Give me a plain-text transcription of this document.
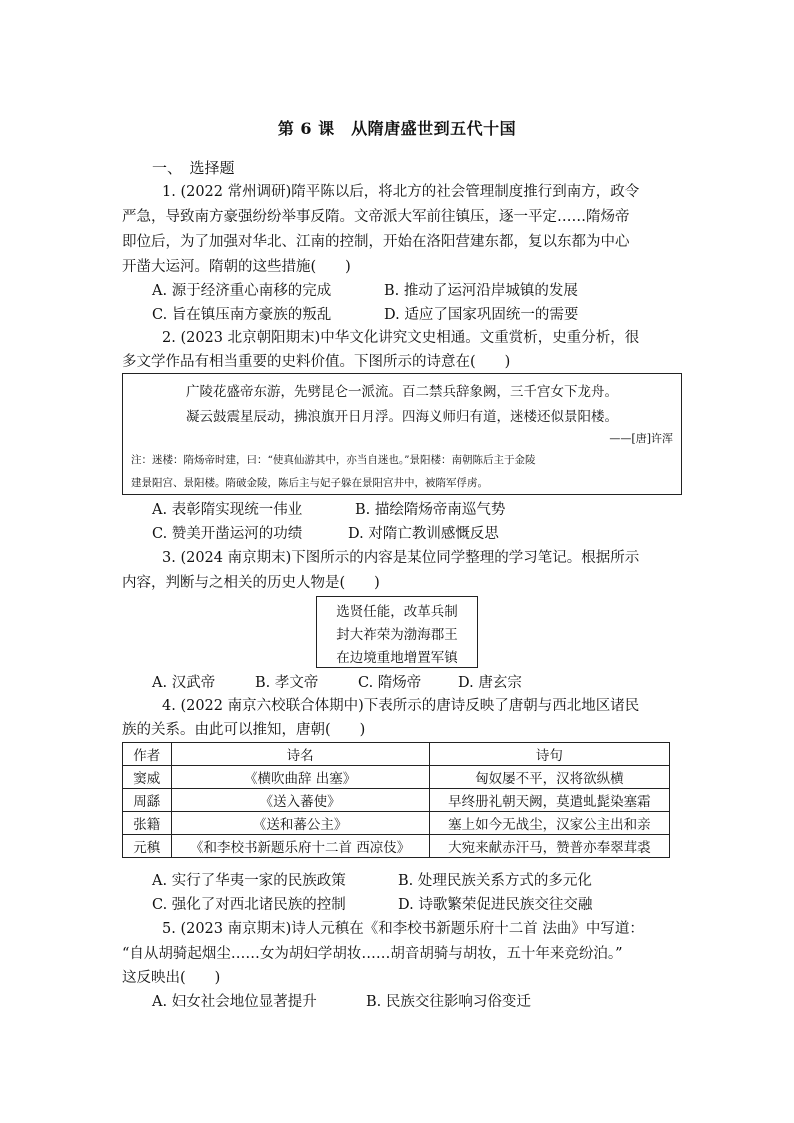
第 6 课　从隋唐盛世到五代十国
一、　选择题
1. (2022 常州调研)隋平陈以后，将北方的社会管理制度推行到南方，政令
严急，导致南方豪强纷纷举事反隋。文帝派大军前往镇压，逐一平定……隋炀帝
即位后，为了加强对华北、江南的控制，开始在洛阳营建东都，复以东都为中心
开凿大运河。隋朝的这些措施(　　)
A. 源于经济重心南移的完成	B. 推动了运河沿岸城镇的发展
C. 旨在镇压南方豪族的叛乱	D. 适应了国家巩固统一的需要
2. (2023 北京朝阳期末)中华文化讲究文史相通。文重赏析，史重分析，很
多文学作品有相当重要的史料价值。下图所示的诗意在(　　)
广陵花盛帝东游，先劈昆仑一派流。百二禁兵辞象阙，三千宫女下龙舟。
凝云鼓震星辰动，拂浪旗开日月浮。四海义师归有道，迷楼还似景阳楼。
——[唐]许浑
注：迷楼：隋炀帝时建，曰：“使真仙游其中，亦当自迷也。”景阳楼：南朝陈后主于金陵
建景阳宫、景阳楼。隋破金陵，陈后主与妃子躲在景阳宫井中，被隋军俘虏。
A. 表彰隋实现统一伟业	B. 描绘隋炀帝南巡气势
C. 赞美开凿运河的功绩	D. 对隋亡教训感慨反思
3. (2024 南京期末)下图所示的内容是某位同学整理的学习笔记。根据所示
内容，判断与之相关的历史人物是(　　)
选贤任能，改革兵制
封大祚荣为渤海郡王
在边境重地增置军镇
A. 汉武帝	B. 孝文帝	C. 隋炀帝	D. 唐玄宗
4. (2022 南京六校联合体期中)下表所示的唐诗反映了唐朝与西北地区诸民
族的关系。由此可以推知，唐朝(　　)
作者	诗名	诗句
窦威	《横吹曲辞 出塞》	匈奴屡不平，汉将欲纵横
周繇	《送入蕃使》	早终册礼朝天阙，莫遣虬髭染塞霜
张籍	《送和蕃公主》	塞上如今无战尘，汉家公主出和亲
元稹	《和李校书新题乐府十二首 西凉伎》	大宛来献赤汗马，赞普亦奉翠茸裘
A. 实行了华夷一家的民族政策	B. 处理民族关系方式的多元化
C. 强化了对西北诸民族的控制	D. 诗歌繁荣促进民族交往交融
5. (2023 南京期末)诗人元稹在《和李校书新题乐府十二首 法曲》中写道：
“自从胡骑起烟尘……女为胡妇学胡妆……胡音胡骑与胡妆，五十年来竞纷泊。”
这反映出(　　)
A. 妇女社会地位显著提升	B. 民族交往影响习俗变迁
